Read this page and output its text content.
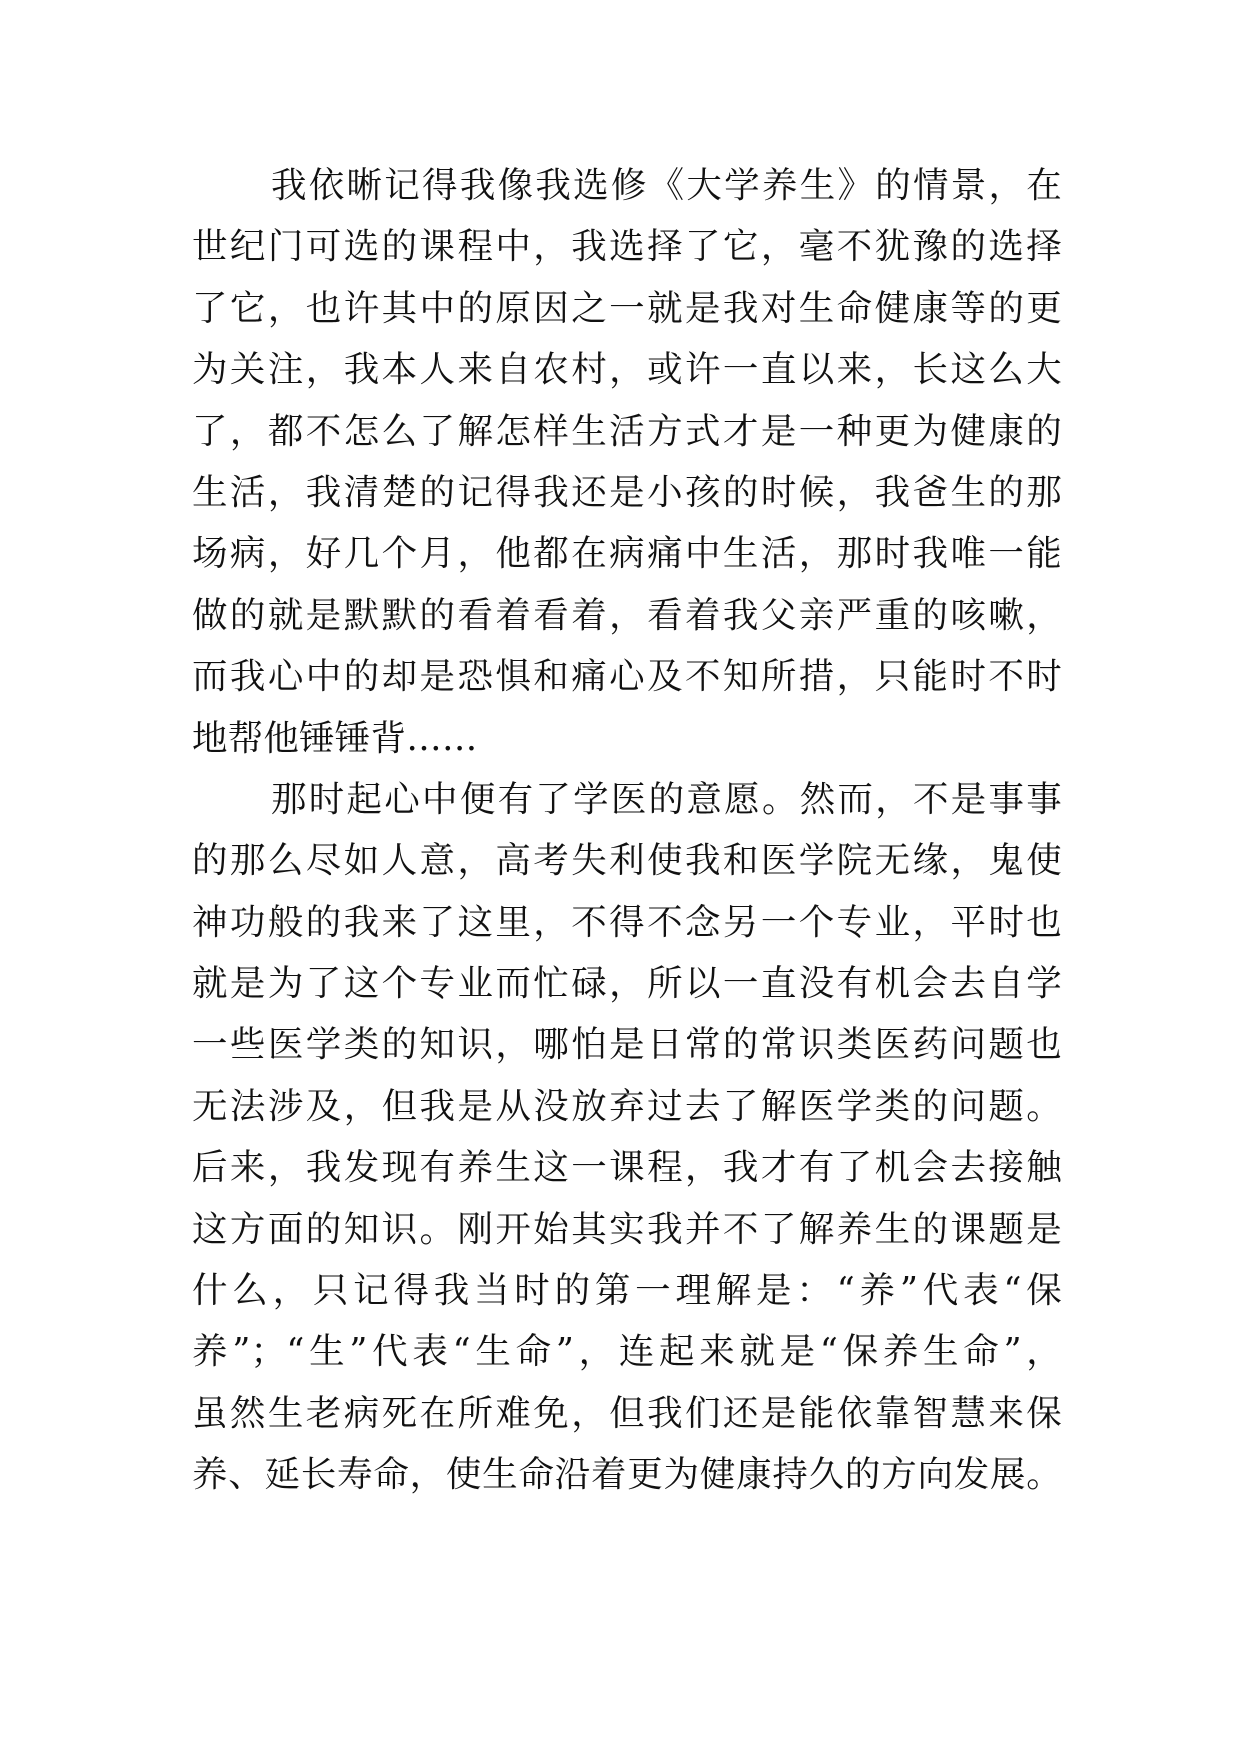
我依晰记得我像我选修《大学养生》的情景，在
世纪门可选的课程中，我选择了它，毫不犹豫的选择
了它，也许其中的原因之一就是我对生命健康等的更
为关注，我本人来自农村，或许一直以来，长这么大
了，都不怎么了解怎样生活方式才是一种更为健康的
生活，我清楚的记得我还是小孩的时候，我爸生的那
场病，好几个月，他都在病痛中生活，那时我唯一能
做的就是默默的看着看着，看着我父亲严重的咳嗽，
而我心中的却是恐惧和痛心及不知所措，只能时不时
地帮他锤锤背……
那时起心中便有了学医的意愿。然而，不是事事
的那么尽如人意，高考失利使我和医学院无缘，鬼使
神功般的我来了这里，不得不念另一个专业，平时也
就是为了这个专业而忙碌，所以一直没有机会去自学
一些医学类的知识，哪怕是日常的常识类医药问题也
无法涉及，但我是从没放弃过去了解医学类的问题。
后来，我发现有养生这一课程，我才有了机会去接触
这方面的知识。刚开始其实我并不了解养生的课题是
什么，只记得我当时的第一理解是：“养”代表“保
养”；“生”代表“生命”，连起来就是“保养生命”，
虽然生老病死在所难免，但我们还是能依靠智慧来保
养、延长寿命，使生命沿着更为健康持久的方向发展。
